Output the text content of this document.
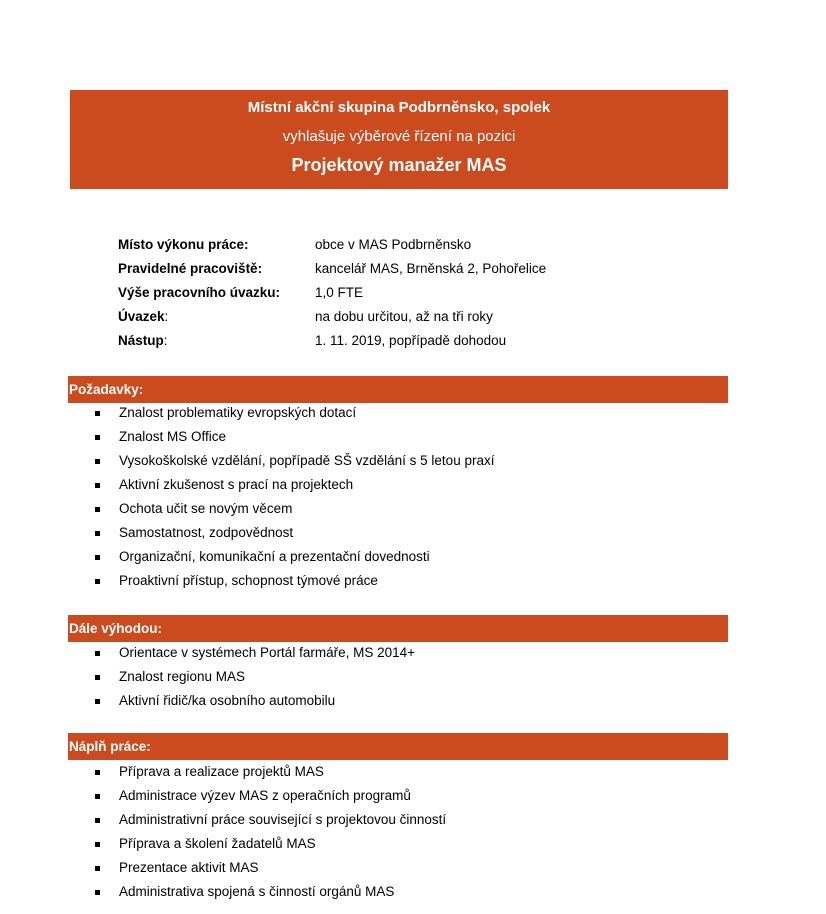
Místní akční skupina Podbrněnsko, spolek
vyhlašuje výběrové řízení na pozici
Projektový manažer MAS
Místo výkonu práce:	obce v MAS Podbrněnsko
Pravidelné pracoviště:	kancelář MAS, Brněnská 2, Pohořelice
Výše pracovního úvazku:	1,0 FTE
Úvazek:	na dobu určitou, až na tři roky
Nástup:	1. 11. 2019, popřípadě dohodou
Požadavky:
Znalost problematiky evropských dotací
Znalost MS Office
Vysokoškolské vzdělání, popřípadě SŠ vzdělání s 5 letou praxí
Aktivní zkušenost s prací na projektech
Ochota učit se novým věcem
Samostatnost, zodpovědnost
Organizační, komunikační a prezentační dovednosti
Proaktivní přístup, schopnost týmové práce
Dále výhodou:
Orientace v systémech Portál farmáře, MS 2014+
Znalost regionu MAS
Aktivní řidič/ka osobního automobilu
Náplň práce:
Příprava a realizace projektů MAS
Administrace výzev MAS z operačních programů
Administrativní práce související s projektovou činností
Příprava a školení žadatelů MAS
Prezentace aktivit MAS
Administrativa spojená s činností orgánů MAS
